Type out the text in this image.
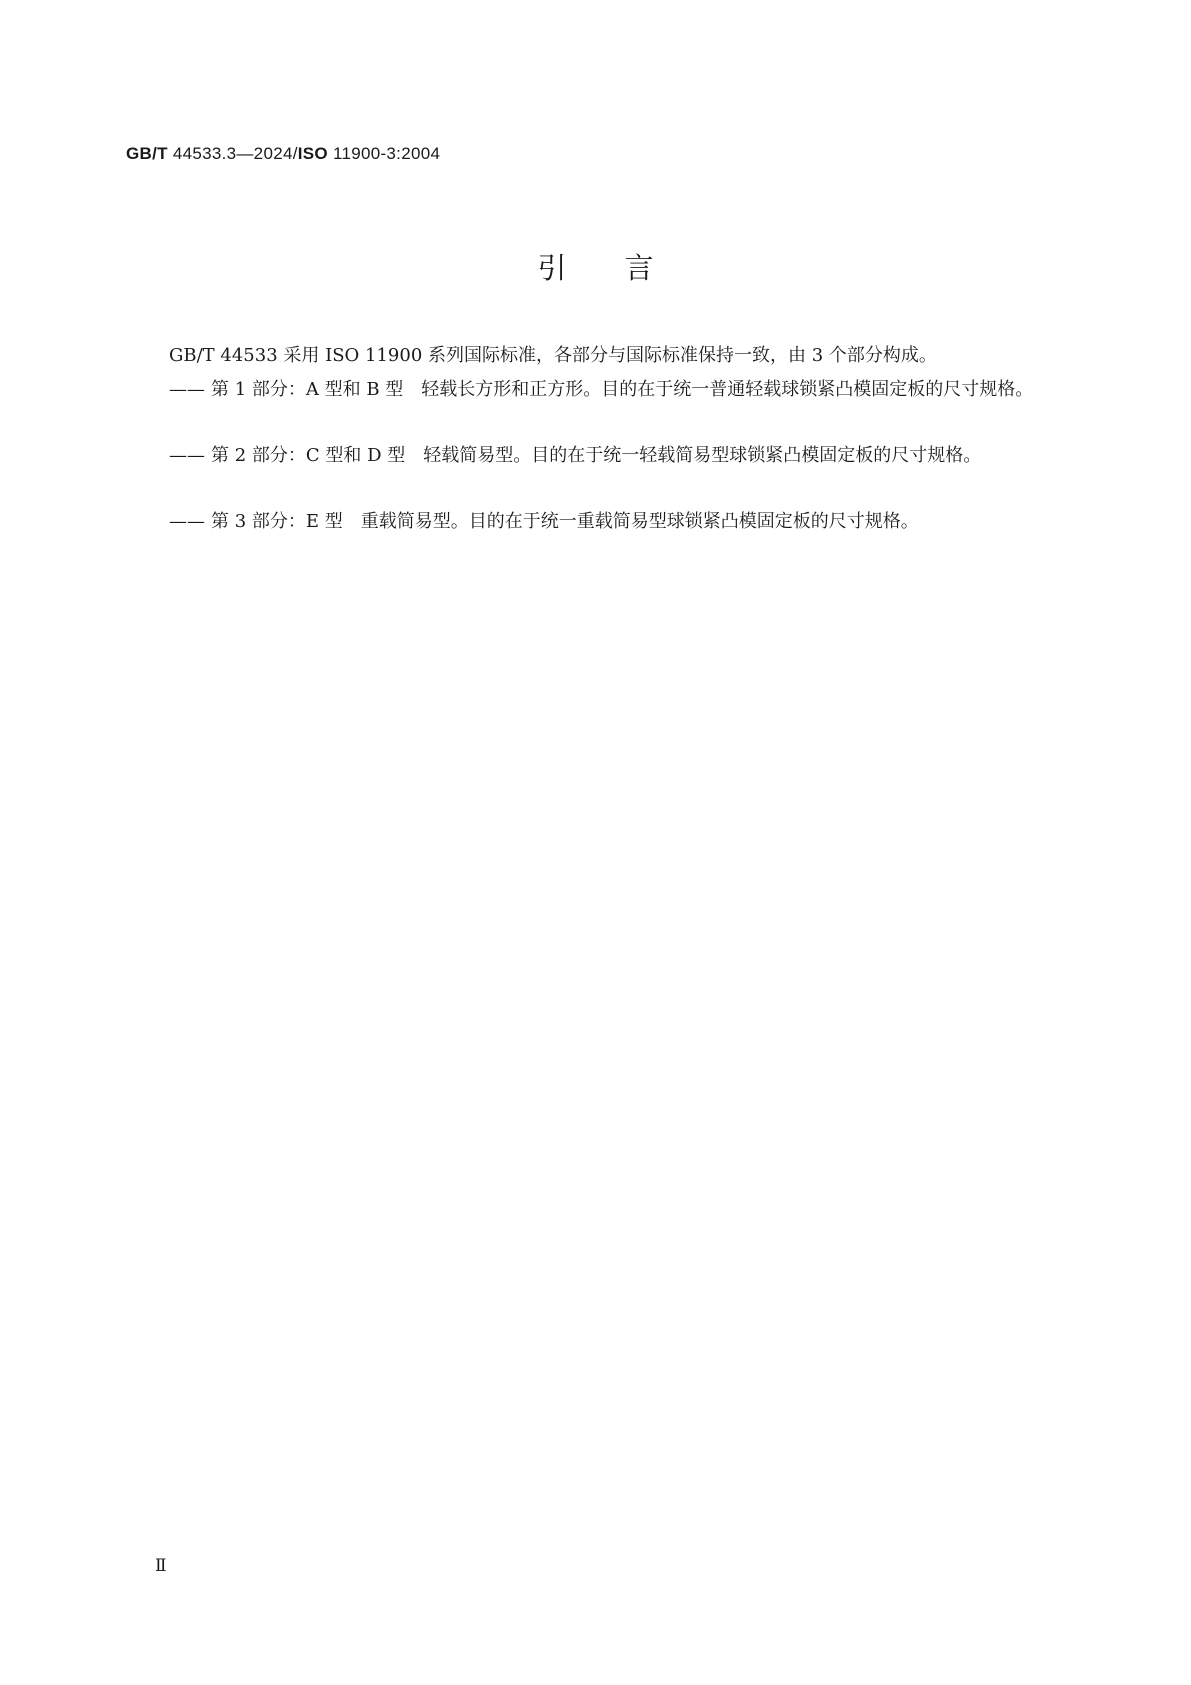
GB/T 44533.3—2024/ISO 11900-3:2004
引言
GB/T 44533 采用 ISO 11900 系列国际标准，各部分与国际标准保持一致，由 3 个部分构成。
—— 第 1 部分：A 型和 B 型　轻载长方形和正方形。目的在于统一普通轻载球锁紧凸模固定板的尺寸规格。
—— 第 2 部分：C 型和 D 型　轻载简易型。目的在于统一轻载简易型球锁紧凸模固定板的尺寸规格。
—— 第 3 部分：E 型　重载简易型。目的在于统一重载简易型球锁紧凸模固定板的尺寸规格。
Ⅱ
